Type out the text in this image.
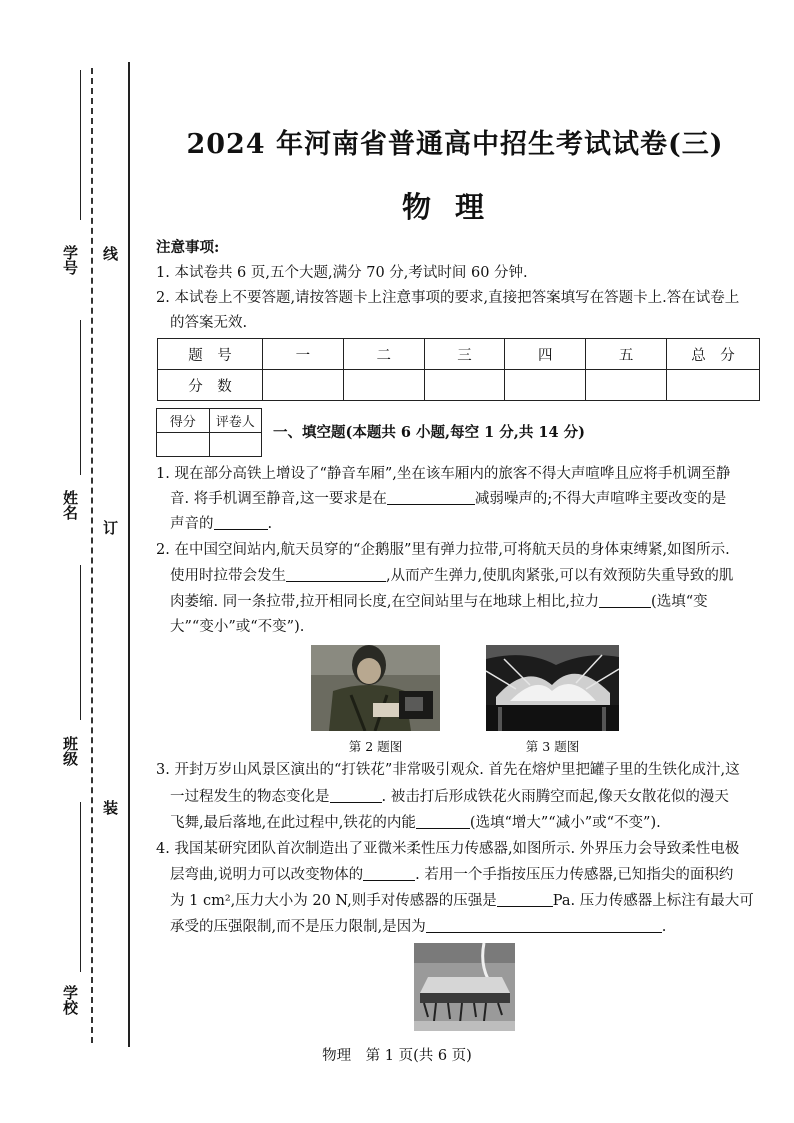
学号 线
姓名
订
班级
装
学校
2024 年河南省普通高中招生考试试卷(三)
物理
注意事项:
1. 本试卷共 6 页,五个大题,满分 70 分,考试时间 60 分钟.
2. 本试卷上不要答题,请按答题卡上注意事项的要求,直接把答案填写在答题卡上.答在试卷上
的答案无效.
题　号	一	二	三	四	五	总　分
分　数						
得分	评卷人

一、填空题(本题共 6 小题,每空 1 分,共 14 分)
1. 现在部分高铁上增设了“静音车厢”,坐在该车厢内的旅客不得大声喧哗且应将手机调至静
音. 将手机调至静音,这一要求是在	减弱噪声的;不得大声喧哗主要改变的是
声音的	.
2. 在中国空间站内,航天员穿的“企鹅服”里有弹力拉带,可将航天员的身体束缚紧,如图所示.
使用时拉带会发生	,从而产生弹力,使肌肉紧张,可以有效预防失重导致的肌
肉萎缩. 同一条拉带,拉开相同长度,在空间站里与在地球上相比,拉力	(选填“变
大”“变小”或“不变”).
第 2 题图	第 3 题图
3. 开封万岁山风景区演出的“打铁花”非常吸引观众. 首先在熔炉里把罐子里的生铁化成汁,这
一过程发生的物态变化是	. 被击打后形成铁花火雨腾空而起,像天女散花似的漫天
飞舞,最后落地,在此过程中,铁花的内能	(选填“增大”“减小”或“不变”).
4. 我国某研究团队首次制造出了亚微米柔性压力传感器,如图所示. 外界压力会导致柔性电极
层弯曲,说明力可以改变物体的	. 若用一个手指按压压力传感器,已知指尖的面积约
为 1 cm²,压力大小为 20 N,则手对传感器的压强是	Pa. 压力传感器上标注有最大可
承受的压强限制,而不是压力限制,是因为	.
物理　第 1 页(共 6 页)
